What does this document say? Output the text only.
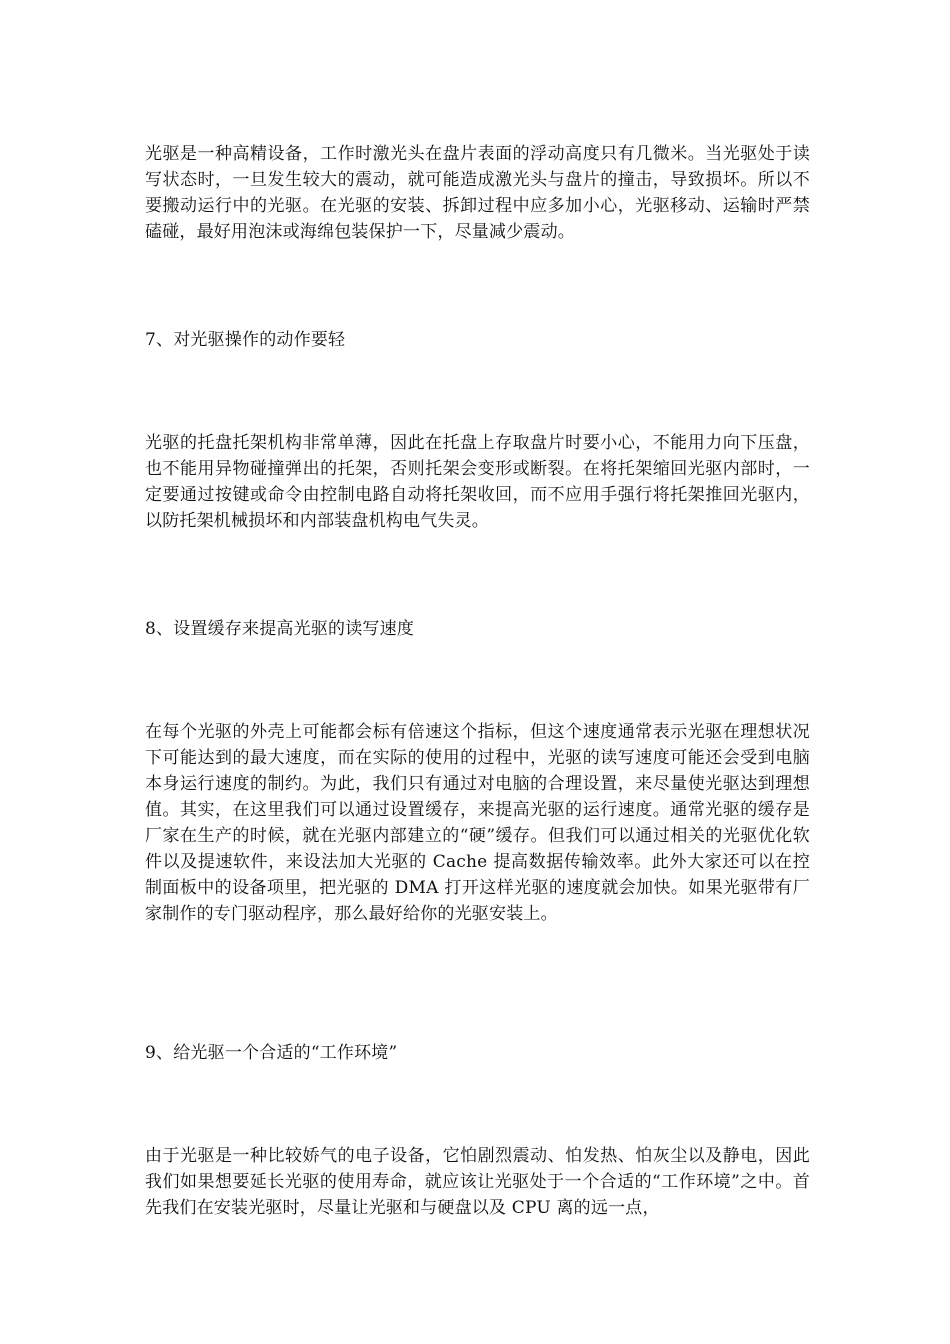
光驱是一种高精设备，工作时激光头在盘片表面的浮动高度只有几微米。当光驱处于读写状态时，一旦发生较大的震动，就可能造成激光头与盘片的撞击，导致损坏。所以不要搬动运行中的光驱。在光驱的安装、拆卸过程中应多加小心，光驱移动、运输时严禁磕碰，最好用泡沫或海绵包装保护一下，尽量减少震动。

7、对光驱操作的动作要轻

光驱的托盘托架机构非常单薄，因此在托盘上存取盘片时要小心，不能用力向下压盘，也不能用异物碰撞弹出的托架，否则托架会变形或断裂。在将托架缩回光驱内部时，一定要通过按键或命令由控制电路自动将托架收回，而不应用手强行将托架推回光驱内，以防托架机械损坏和内部装盘机构电气失灵。

8、设置缓存来提高光驱的读写速度

在每个光驱的外壳上可能都会标有倍速这个指标，但这个速度通常表示光驱在理想状况下可能达到的最大速度，而在实际的使用的过程中，光驱的读写速度可能还会受到电脑本身运行速度的制约。为此，我们只有通过对电脑的合理设置，来尽量使光驱达到理想值。其实，在这里我们可以通过设置缓存，来提高光驱的运行速度。通常光驱的缓存是厂家在生产的时候，就在光驱内部建立的“硬”缓存。但我们可以通过相关的光驱优化软件以及提速软件，来设法加大光驱的 Cache 提高数据传输效率。此外大家还可以在控制面板中的设备项里，把光驱的 DMA 打开这样光驱的速度就会加快。如果光驱带有厂家制作的专门驱动程序，那么最好给你的光驱安装上。

9、给光驱一个合适的“工作环境”

由于光驱是一种比较娇气的电子设备，它怕剧烈震动、怕发热、怕灰尘以及静电，因此我们如果想要延长光驱的使用寿命，就应该让光驱处于一个合适的“工作环境”之中。首先我们在安装光驱时，尽量让光驱和与硬盘以及 CPU 离的远一点，
